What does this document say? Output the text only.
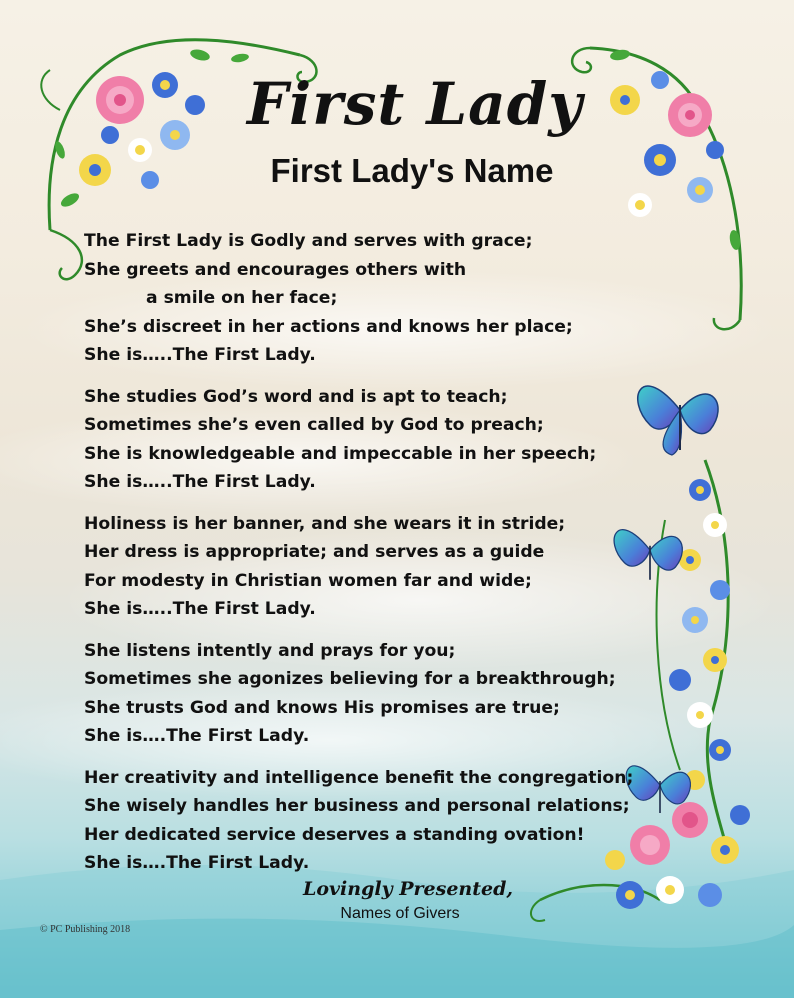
First Lady
First Lady's Name
The First Lady is Godly and serves with grace;
She greets and encourages others with
a smile on her face;
She’s discreet in her actions and knows her place;
She is…..The First Lady.
She studies God’s word and is apt to teach;
Sometimes she’s even called by God to preach;
She is knowledgeable and impeccable in her speech;
She is…..The First Lady.
Holiness is her banner, and she wears it in stride;
Her dress is appropriate; and serves as a guide
For modesty in Christian women far and wide;
She is…..The First Lady.
She listens intently and prays for you;
Sometimes she agonizes believing for a breakthrough;
She trusts God and knows His promises are true;
She is….The First Lady.
Her creativity and intelligence benefit the congregation;
She wisely handles her business and personal relations;
Her dedicated service deserves a standing ovation!
She is….The First Lady.
Lovingly Presented,
Names of Givers
© PC Publishing 2018
